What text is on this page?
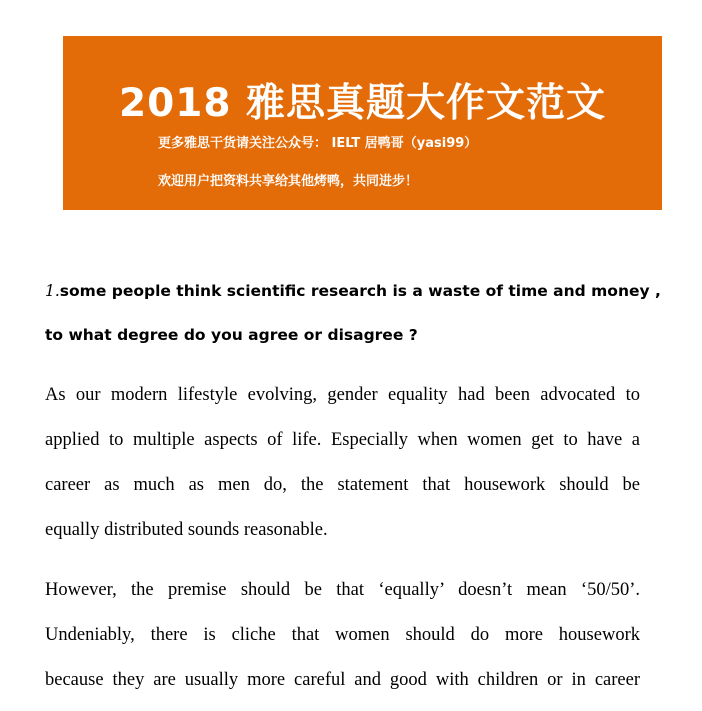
2018 雅思真题大作文范文
更多雅思干货请关注公众号： IELT 居鸭哥（yasi99）
欢迎用户把资料共享给其他烤鸭，共同进步！
1.some people think scientific research is a waste of time and money ,
to what degree do you agree or disagree ?
As our modern lifestyle evolving, gender equality had been advocated to
applied to multiple aspects of life. Especially when women get to have a
career as much as men do, the statement that housework should be
equally distributed sounds reasonable.
However, the premise should be that ‘equally’ doesn’t mean ‘50/50’.
Undeniably, there is cliche that women should do more housework
because they are usually more careful and good with children or in career
